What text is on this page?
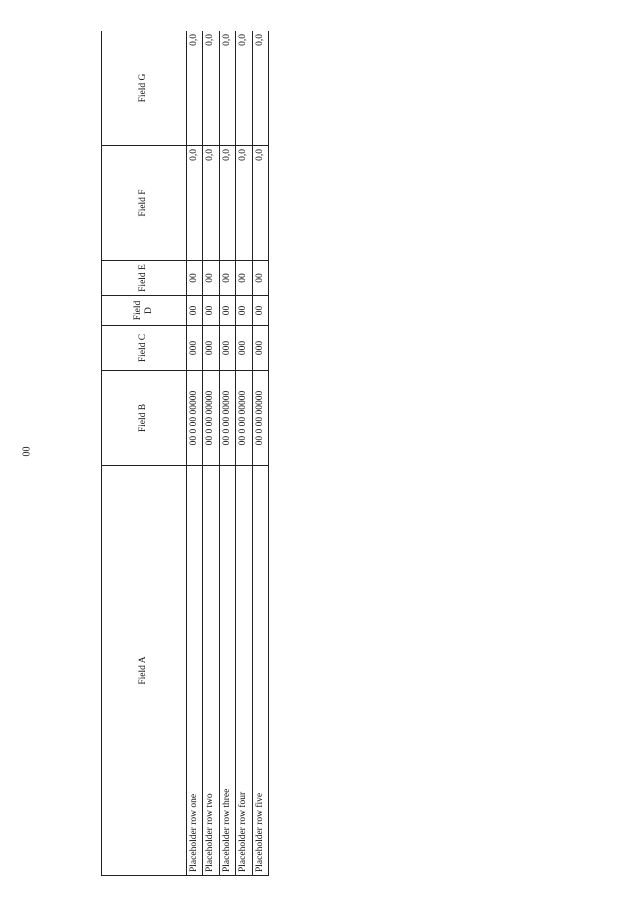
00
Field A	Field B	Field C	Field D	Field E	Field F	Field G
Placeholder row one	00 0 00 00000	000	00	00	0,0	0,0
Placeholder row two	00 0 00 00000	000	00	00	0,0	0,0
Placeholder row three	00 0 00 00000	000	00	00	0,0	0,0
Placeholder row four	00 0 00 00000	000	00	00	0,0	0,0
Placeholder row five	00 0 00 00000	000	00	00	0,0	0,0
